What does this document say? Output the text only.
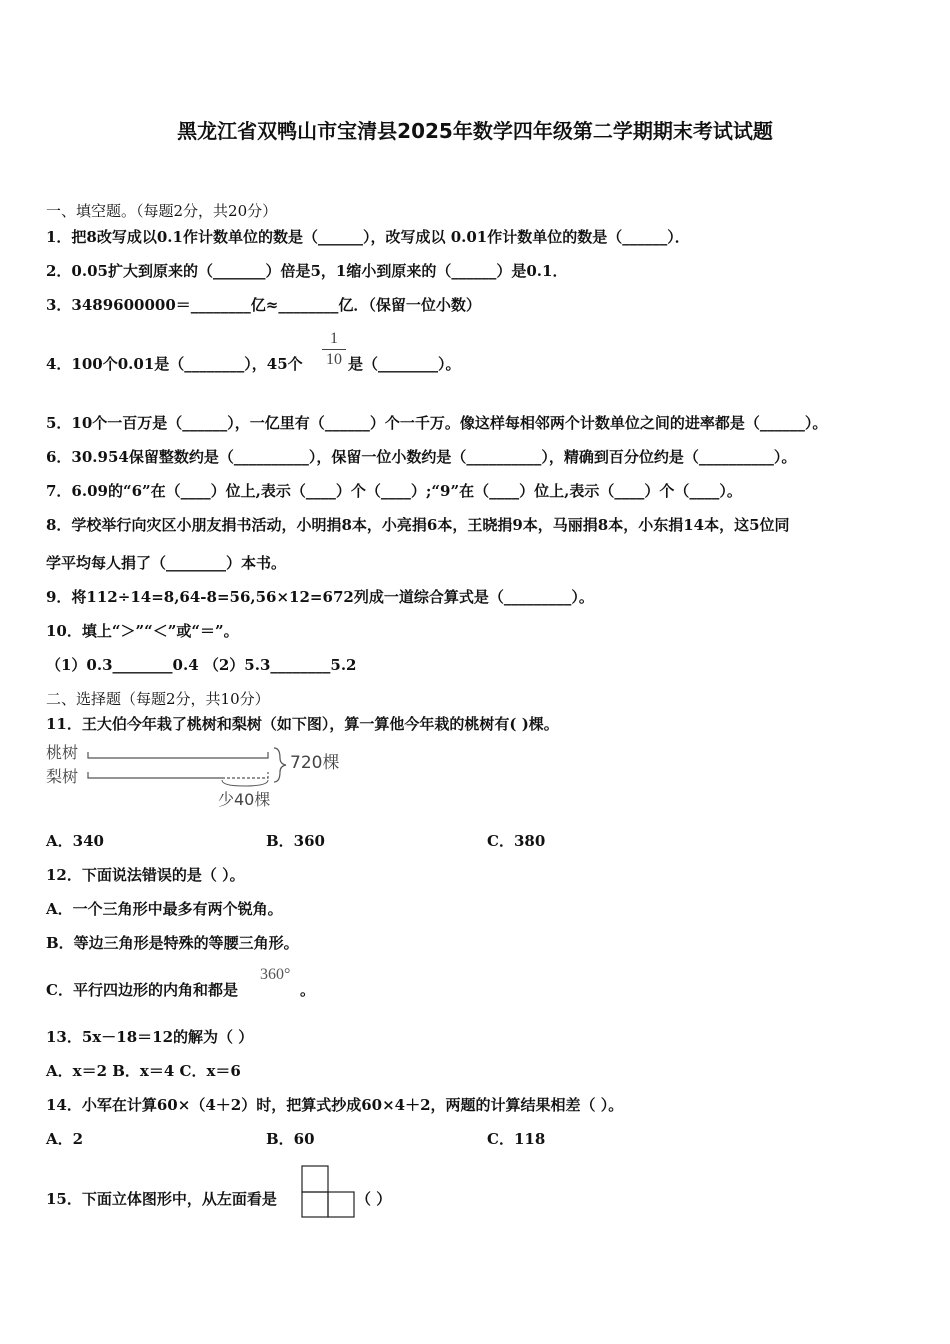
黑龙江省双鸭山市宝清县2025年数学四年级第二学期期末考试试题
一、填空题。（每题2分，共20分）
1．把8改写成以0.1作计数单位的数是（______），改写成以 0.01作计数单位的数是（______）．
2．0.05扩大到原来的（_______）倍是5，1缩小到原来的（______）是0.1．
3．3489600000＝________亿≈________亿．（保留一位小数）
4．100个0.01是（________），45个
1
10 是（________）。
5．10个一百万是（______），一亿里有（______）个一千万。像这样每相邻两个计数单位之间的进率都是（______）。
6．30.954保留整数约是（__________），保留一位小数约是（__________），精确到百分位约是（__________）。
7．6.09的“6”在（____）位上,表示（____）个（____）;“9”在（____）位上,表示（____）个（____）。
8．学校举行向灾区小朋友捐书活动，小明捐8本，小亮捐6本，王晓捐9本，马丽捐8本，小东捐14本，这5位同
学平均每人捐了（________）本书。
9．将112÷14=8,64-8=56,56×12=672列成一道综合算式是（_________）。
10．填上“＞”“＜”或“＝”。
（1）0.3________0.4 （2）5.3________5.2
二、选择题（每题2分，共10分）
11．王大伯今年栽了桃树和梨树（如下图），算一算他今年栽的桃树有( )棵。
桃树
梨树
720棵
少40棵
A．340	B．360	C．380
12．下面说法错误的是（ ）。
A．一个三角形中最多有两个锐角。
B．等边三角形是特殊的等腰三角形。
C．平行四边形的内角和都是
360°
。
13．5x－18＝12的解为（ ）
A．x＝2 B．x＝4 C．x＝6
14．小军在计算60×（4＋2）时，把算式抄成60×4＋2，两题的计算结果相差（ ）。
A．2	B．60	C．118
15．下面立体图形中，从左面看是	（ ）
